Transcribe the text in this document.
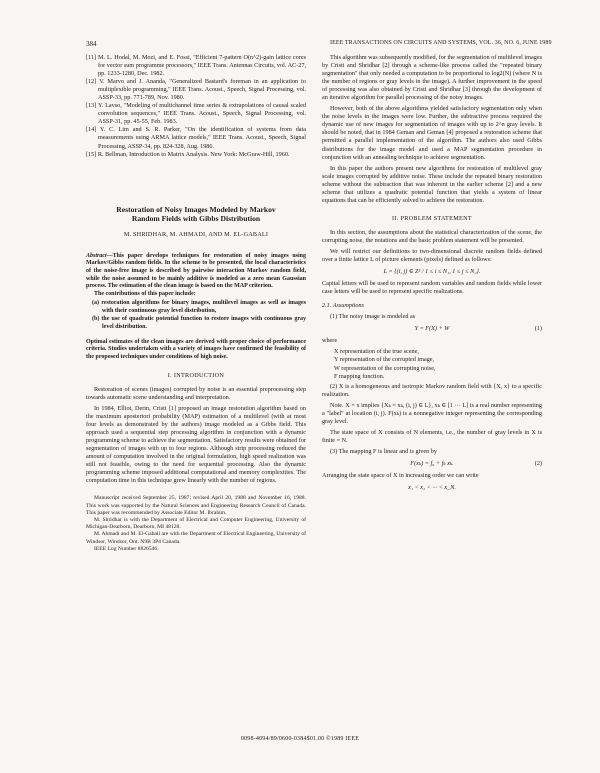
384	IEEE TRANSACTIONS ON CIRCUITS AND SYSTEMS, VOL. 36, NO. 6, JUNE 1989

[11] M. L. Hodal, M. Mozi, and E. Fossi, "Efficient 7-pattern O(n^2)-gain lattice cores for vector sum programme processors," IEEE Trans. Antennas Circuits, vol. AC-27, pp. 1233-1280, Dec. 1982.

[12] V. Marvo and J. Ananda, "Generalized Bastard's foreman in an application to multiplexible programming," IEEE Trans. Acoust., Speech, Signal Processing, vol. ASSP-33, pp. 771-789, Nov. 1980.

[13] Y. Lavso, "Modeling of multichannel time series & extrapolations of causal scaled convolution sequences," IEEE Trans. Acoust., Speech, Signal Processing, vol. ASSP-31, pp. 45-55, Feb. 1983.

[14] Y. C. Lim and S. R. Parker, "On the identification of systems from data measurements using ARMA lattice models," IEEE Trans. Acoust., Speech, Signal Processing, ASSP-34, pp. 824-328, Aug. 1986.

[15] R. Bellman, Introduction to Matrix Analysis. New York: McGraw-Hill, 1960.

Restoration of Noisy Images Modeled by Markov
Random Fields with Gibbs Distribution
M. SHRIDHAR, M. AHMADI, AND M. EL-GABALI
Abstract—This paper develops techniques for restoration of noisy images using Markov/Gibbs random fields. In the scheme to be presented, the local characteristics of the noise-free image is described by pairwise interaction Markov random field, while the noise assumed to be mainly additive is modeled as a zero mean Gaussian process. The estimation of the clean image is based on the MAP criterion.
The contributions of this paper include:

(a) restoration algorithms for binary images, multilevel images as well as images with their continuous gray level distribution,

(b) the use of quadratic potential function to restore images with continuous gray level distribution.

Optimal estimates of the clean images are derived with proper choice of performance criteria. Studies undertaken with a variety of images have confirmed the feasibility of the proposed techniques under conditions of high noise.
I. INTRODUCTION

Restoration of scenes (images) corrupted by noise is an essential preprocessing step towards automatic scene understanding and interpretation.

In 1984, Elliot, Derin, Cristi [1] proposed an image restoration algorithm based on the maximum aposteriori probability (MAP) estimation of a multilevel (with at most four levels as demonstrated by the authors) image modeled as a Gibbs field. This approach used a sequential step processing algorithm in conjunction with a dynamic programming scheme to achieve the segmentation. Satisfactory results were obtained for segmentation of images with up to four regions. Although strip processing reduced the amount of computation involved in the original formulation, high speed realization was still not feasible, owing to the need for sequential processing. Also the dynamic programming scheme imposed additional computational and memory complexities. The computation time in this technique grew linearly with the number of regions.

Manuscript received September 25, 1987; revised April 20, 1988 and November 16, 1988. This work was supported by the Natural Sciences and Engineering Research Council of Canada. This paper was recommended by Associate Editor M. Ibrahim.

M. Shridhar is with the Department of Electrical and Computer Engineering, University of Michigan-Dearborn, Dearborn, MI 48128.

M. Ahmadi and M. El-Gabali are with the Department of Electrical Engineering, University of Windsor, Windsor, Ont. N9B 3P4 Canada.

IEEE Log Number 8826546.

This algorithm was subsequently modified, for the segmentation of multilevel images by Cristi and Shridhar [2] through a scheme-like process called the "repeated binary segmentation" that only needed a computation to be proportional to log2(N) (where N is the number of regions or gray levels in the image). A further improvement in the speed of processing was also obtained by Cristi and Shridhar [3] through the development of an iterative algorithm for parallel processing of the noisy images.

However, both of the above algorithms yielded satisfactory segmentation only when the noise levels in the images were low. Further, the subtractive process required the dynamic use of new images for segmentation of images with up to 2^n gray levels. It should be noted, that in 1984 Geman and Geman [4] proposed a restoration scheme that permitted a parallel implementation of the algorithm. The authors also used Gibbs distributions for the image model and used a MAP segmentation procedure in conjunction with an annealing technique to achieve segmentation.

In this paper the authors present new algorithms for restoration of multilevel gray scale images corrupted by additive noise. These include the repeated binary restoration scheme without the subtraction that was inherent in the earlier scheme [2] and a new scheme that utilizes a quadratic potential function that yields a system of linear equations that can be efficiently solved to achieve the restoration.

II. PROBLEM STATEMENT

In this section, the assumptions about the statistical characterization of the scene, the corrupting noise, the notations and the basic problem statement will be presented.

We will restrict our definitions to two-dimensional discrete random fields defined over a finite lattice L of picture elements (pixels) defined as follows:

L = {(i, j) ∈ Z² / 1 ≤ i ≤ N₁, 1 ≤ j ≤ N₂}.

Capital letters will be used to represent random variables and random fields while lower case letters will be used to represent specific realizations.

2.1. Assumptions

(1) The noisy image is modeled as

Y = F(X) + W	(1)

where

X representation of the true scene,
Y representation of the corrupted image,
W representation of the corrupting noise,
F mapping function.

(2) X is a homogeneous and isotropic Markov random field with {X, x} to a specific realization.

Note. X = x implies {Xₖ = xₖ, (i, j) ∈ L}, xₖ ∈ [1 ··· L] is a real number representing a "label" at location (i, j). F(xₖ) is a nonnegative integer representing the corresponding gray level.

The state space of X consists of N elements, i.e., the number of gray levels in X is finite = N.

(3) The mapping F is linear and is given by

F(xₖ) = f₀ + fₖ xₖ.	(2)

Arranging the state space of X in increasing order we can write

x₁ < x₂ < ··· < x_N.
0098-4094/89/0600-0384$01.00 ©1989 IEEE
